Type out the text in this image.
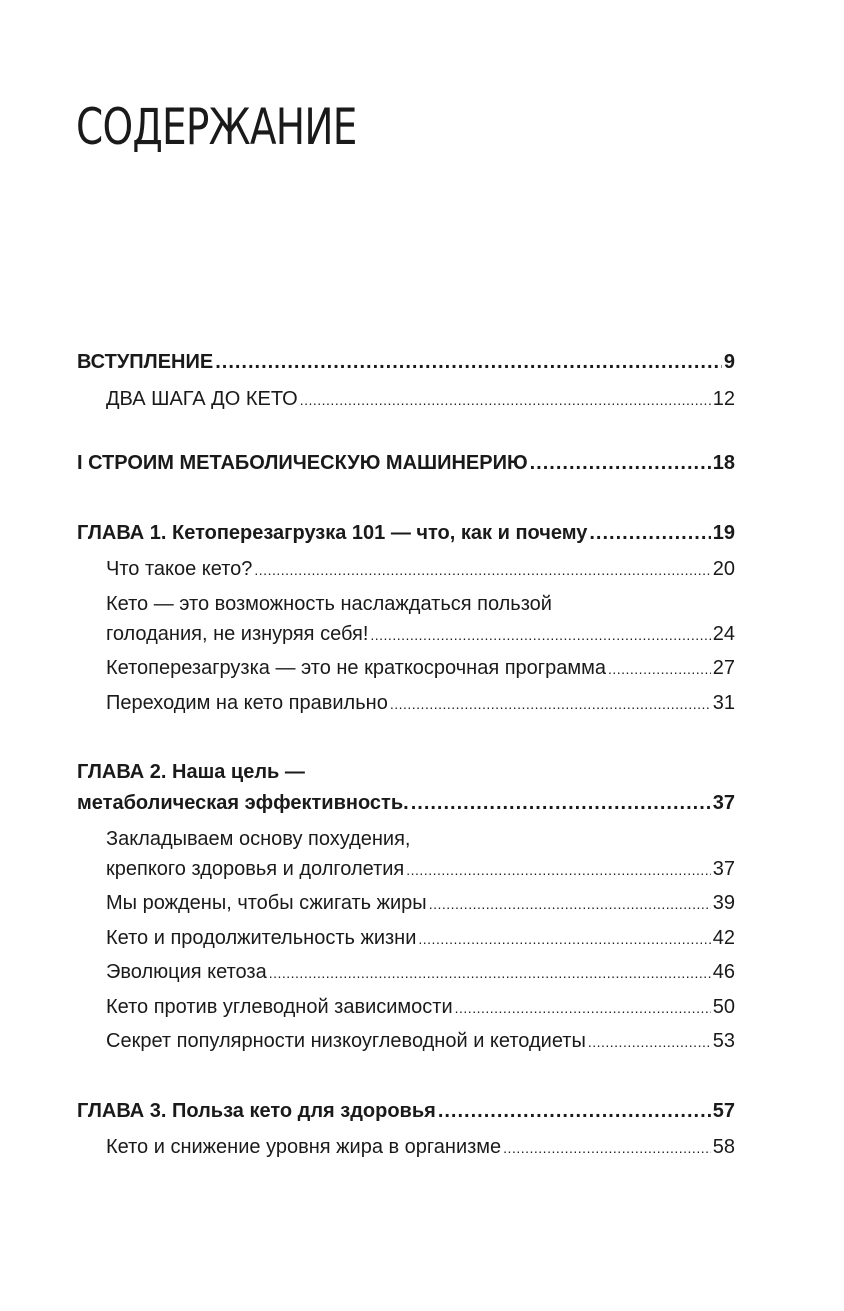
СОДЕРЖАНИЕ
ВСТУПЛЕНИЕ .....	9
ДВА ШАГА ДО КЕТО .....	12
I СТРОИМ МЕТАБОЛИЧЕСКУЮ МАШИНЕРИЮ .....	18
ГЛАВА 1. Кетоперезагрузка 101 — что, как и почему .....	19
Что такое кето? .....	20
Кето — это возможность наслаждаться пользой
голодания, не изнуряя себя! .....	24
Кетоперезагрузка — это не краткосрочная программа .....	27
Переходим на кето правильно .....	31
ГЛАВА 2. Наша цель —
метаболическая эффективность. .....	37
Закладываем основу похудения,
крепкого здоровья и долголетия .....	37
Мы рождены, чтобы сжигать жиры .....	39
Кето и продолжительность жизни .....	42
Эволюция кетоза .....	46
Кето против углеводной зависимости .....	50
Секрет популярности низкоуглеводной и кетодиеты .....	53
ГЛАВА 3. Польза кето для здоровья .....	57
Кето и снижение уровня жира в организме .....	58
